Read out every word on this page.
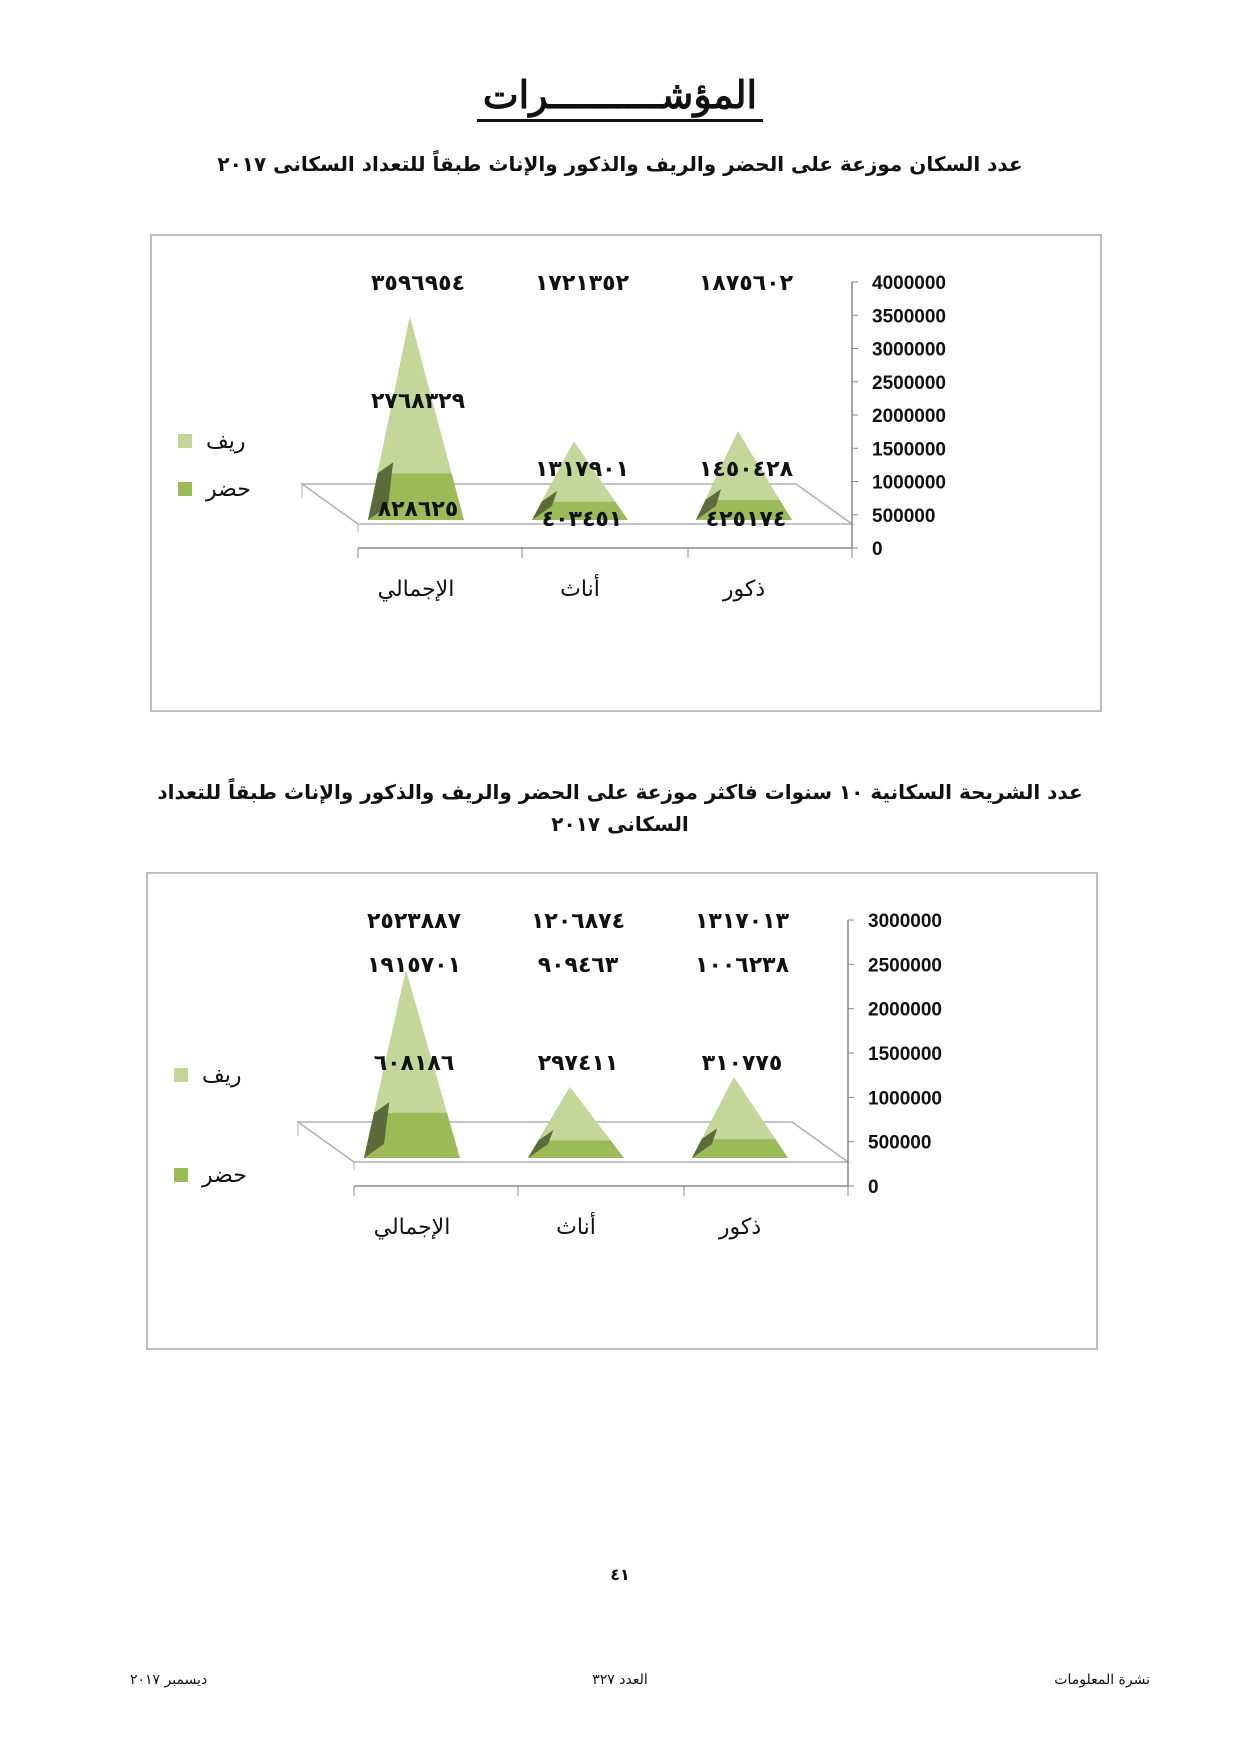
المؤشــــــــــرات
عدد السكان موزعة على الحضر والريف والذكور والإناث طبقاً للتعداد السكانى ٢٠١٧
0
500000
1000000
1500000
2000000
2500000
3000000
3500000
4000000
١٨٧٥٦٠٢
١٤٥٠٤٢٨
٤٢٥١٧٤
ذكور
١٧٢١٣٥٢
١٣١٧٩٠١
٤٠٣٤٥١
أناث
٣٥٩٦٩٥٤
٢٧٦٨٣٢٩
٨٢٨٦٢٥
الإجمالي
ريف
حضر
عدد الشريحة السكانية ١٠ سنوات فاكثر موزعة على الحضر والريف والذكور والإناث طبقاً للتعداد السكانى ٢٠١٧
0
500000
1000000
1500000
2000000
2500000
3000000
١٣١٧٠١٣
١٠٠٦٢٣٨
٣١٠٧٧٥
ذكور
١٢٠٦٨٧٤
٩٠٩٤٦٣
٢٩٧٤١١
أناث
٢٥٢٣٨٨٧
١٩١٥٧٠١
٦٠٨١٨٦
الإجمالي
ريف
حضر
٤١
ديسمبر ٢٠١٧	العدد ٣٢٧	نشرة المعلومات
